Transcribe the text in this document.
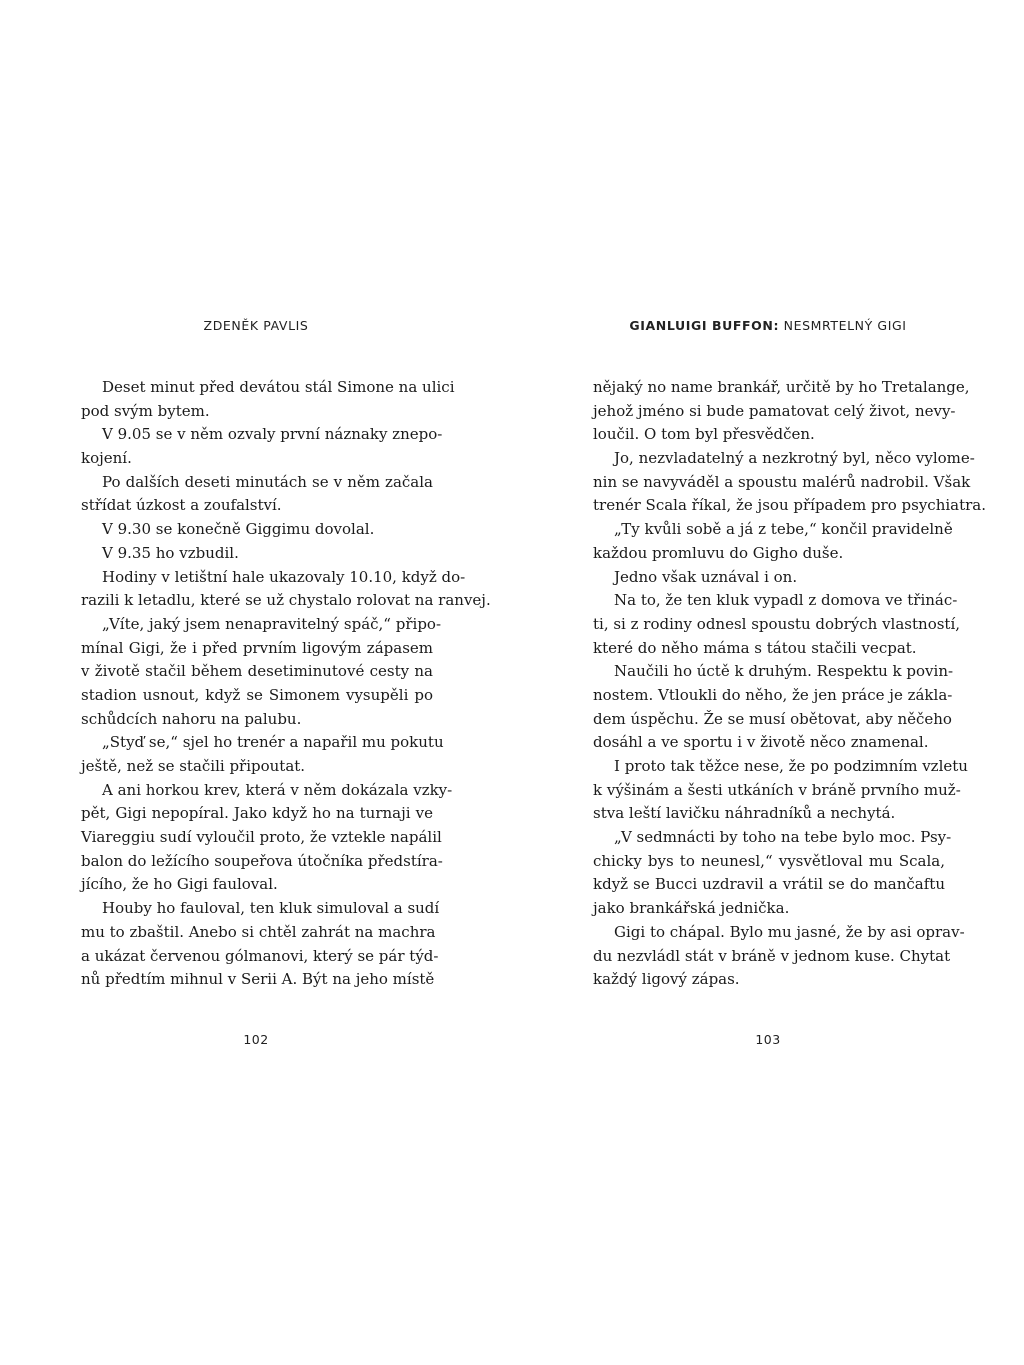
ZDENĚK PAVLIS
Deset minut před devátou stál Simone na ulici
pod svým bytem.
V 9.05 se v něm ozvaly první náznaky znepo-
kojení.
Po dalších deseti minutách se v něm začala
střídat úzkost a zoufalství.
V 9.30 se konečně Giggimu dovolal.
V 9.35 ho vzbudil.
Hodiny v letištní hale ukazovaly 10.10, když do-
razili k letadlu, které se už chystalo rolovat na ranvej.
„Víte, jaký jsem nenapravitelný spáč,“ připo-
mínal Gigi, že i před prvním ligovým zápasem
v životě stačil během desetiminutové cesty na
stadion usnout, když se Simonem vysupěli po
schůdcích nahoru na palubu.
„Styď se,“ sjel ho trenér a napařil mu pokutu
ještě, než se stačili připoutat.
A ani horkou krev, která v něm dokázala vzky-
pět, Gigi nepopíral. Jako když ho na turnaji ve
Viareggiu sudí vyloučil proto, že vztekle napálil
balon do ležícího soupeřova útočníka předstíra-
jícího, že ho Gigi fauloval.
Houby ho fauloval, ten kluk simuloval a sudí
mu to zbaštil. Anebo si chtěl zahrát na machra
a ukázat červenou gólmanovi, který se pár týd-
nů předtím mihnul v Serii A. Být na jeho místě
102
GIANLUIGI BUFFON: NESMRTELNÝ GIGI
nějaký no name brankář, určitě by ho Tretalange,
jehož jméno si bude pamatovat celý život, nevy-
loučil. O tom byl přesvědčen.
Jo, nezvladatelný a nezkrotný byl, něco vylome-
nin se navyváděl a spoustu malérů nadrobil. Však
trenér Scala říkal, že jsou případem pro psychiatra.
„Ty kvůli sobě a já z tebe,“ končil pravidelně
každou promluvu do Gigho duše.
Jedno však uznával i on.
Na to, že ten kluk vypadl z domova ve třinác-
ti, si z rodiny odnesl spoustu dobrých vlastností,
které do něho máma s tátou stačili vecpat.
Naučili ho úctě k druhým. Respektu k povin-
nostem. Vtloukli do něho, že jen práce je zákla-
dem úspěchu. Že se musí obětovat, aby něčeho
dosáhl a ve sportu i v životě něco znamenal.
I proto tak těžce nese, že po podzimním vzletu
k výšinám a šesti utkáních v bráně prvního muž-
stva leští lavičku náhradníků a nechytá.
„V sedmnácti by toho na tebe bylo moc. Psy-
chicky bys to neunesl,“ vysvětloval mu Scala,
když se Bucci uzdravil a vrátil se do mančaftu
jako brankářská jednička.
Gigi to chápal. Bylo mu jasné, že by asi oprav-
du nezvládl stát v bráně v jednom kuse. Chytat
každý ligový zápas.
103
